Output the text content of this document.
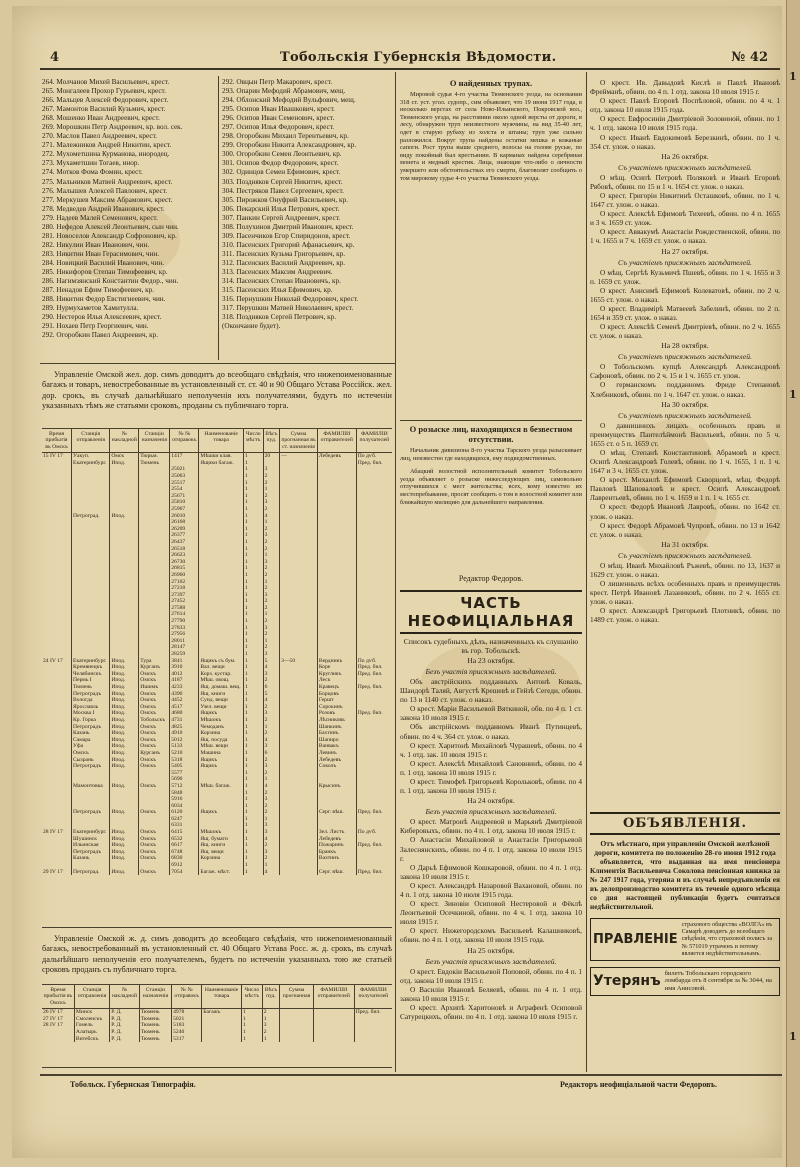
1
1
1
4	Тобольскія Губернскія Вѣдомости.	№ 42
264. Молчанов Михей Васильевич, крест.
265. Монгалеев Прохор Гурьевич, крест.
266. Мальцев Алексей Федорович, крест.
267. Мамонтов Василий Кузьмич, крест.
268. Мошенко Иван Андреевич, крест.
269. Морошкин Петр Андреевич, кр. вол. сек.
270. Маслов Павел Андреевич, крест.
271. Малежников Андрей Никитин, крест.
272. Мухометшина Курманова, инородец.
273. Мухаметшин Тогаев, инор.
274. Мотков Фома Фомин, крест.
275. Мальников Матвей Андреевич, крест.
276. Малышев Алексей Павлович, крест.
277. Меркушев Максим Абрамович, крест.
278. Медведев Андрей Иванович, крест.
279. Надеев Малей Семенович, крест.
280. Нефедов Алексей Леонтьевич, сын чин.
281. Новоселов Александр Софронович, кр.
282. Никулин Иван Иванович, чин.
283. Никитин Иван Герасимович, чин.
284. Новицкий Василий Иванович, чин.
285. Никифоров Степан Тимофеевич, кр.
286. Нагимзянский Константин Федор., чин.
287. Ненадов Ефим Тимофеевич, кр.
288. Никитин Федор Евстигнеевич, чин.
289. Нурмухаметов Хамитулла.
290. Нестеров Илья Алексеевич, крест.
291. Нохаев Петр Георгиевич, чин.
292. Огоробкин Павел Андреевич, кр.
292. Овцын Петр Макарович, крест.
293. Опарин Мефодий Абрамович, мещ.
294. Облонский Мефодий Вульфович, мещ.
295. Осипов Иван Ивашкович, крест.
296. Осипов Иван Семенович, крест.
297. Осипов Илья Федорович, крест.
298. Огоробкин Михаил Терентьевич, кр.
299. Огоробкин Никита Александрович, кр.
300. Огоробкин Семен Леонтьевич, кр.
301. Осипов Федор Федорович, крест.
302. Одинцов Семен Ефимович, крест.
303. Поздняков Сергей Никитич, крест.
304. Пестряков Павел Сергеевич, крест.
305. Пирожков Онуфрий Васильевич, кр.
306. Пекарский Илья Петрович, крест.
307. Панкин Сергей Андреевич, крест.
308. Полухинов Дмитрий Иванович, крест.
309. Пасенчиков Егор Спиридонов, крест.
310. Пасенских Григорий Афанасьевич, кр.
311. Пасенских Кузьма Григорьевич, кр.
312. Пасенских Василий Андреевич, кр.
313. Пасенских Максим Андреевич.
314. Пасенских Степан Ивановичъ, кр.
315. Пасенских Илья Ефимович, кр.
316. Пернушкин Николай Федорович, крест.
317. Перушкин Матвей Николаевич, крест.
318. Поздняков Сергей Петрович, кр.
(Окончание будет).
Управленіе Омской жел. дор. симъ доводитъ до всеобщаго свѣдѣнія, что нижепоименованные багажъ и товаръ, невостребованные въ установленный ст. ст. 40 и 90 Общаго Устава Россійск. жел. дор. срокъ, въ случаѣ дальнѣйшаго неполученія ихъ получателями, будутъ по истеченіи указанныхъ тѣмъ же статьями сроковъ, проданы съ публичнаго торга.
Время прибытія въ Омскъ	Станція отправленія	№ накладной	Станціи назначенія	№ № отправокъ	Наименованіе товара	Число мѣстъ	Вѣсъ пуд.	Сумма прогнанная въ ст. назначенія	ФАМИЛІИ отправителей	ФАМИЛІИ получателей
15 IV 17	Уакуп.	Омск	Тюрьм.	1417	Мѣшки клав.	1	20	—	Лебедевъ	По дѵб.
	Екатеринбург.	Ипод.	Тюмень		Ящики багаж.	1				Пред. бил.
				25021		1	3			
				25063		1	2			
				25517		1	2			
				2554		1	1			
				25671		1	2			
				25810		1	3			
				25967		1	2			
	Петроград.	Ипод.		26010		1	4			
				26168		1	1			
				26209		1	2			
				26377		1	3			
				26437		1	2			
				26518		1	2			
				26623		1	1			
				26730		1	3			
				26815		1	2			
				26960		1	2			
				27102		1	1			
				27218		1	2			
				27397		1	3			
				27452		1	2			
				27588		1	2			
				27614		1	1			
				27790		1	2			
				27833		1	3			
				27956		1	2			
				28011		1	1			
				28147		1	2			
				28259		1	3			
24 IV 17	Екатеринбург.	Ипод.	Тура	3841	Ящикъ съ бум.	1	5	3—50	Вердникъ	По дѵб.
	Кремянецкъ	Ипод.	Курганъ	3910	Вал. вещи	1	4		Коре	Пред. бил.
	Челябинскъ	Ипод.	Омскъ	4012	Корз. кустар.	1	3		Кругликъ	Пред. бил.
	Пермь I	Ипод.	Омскъ	4187	Мѣш. овощ.	1	2		Леск	
	Тюмень	Ипод.	Ишимъ	4233	Ящ. домаш. вещ.	1	6		Кравецъ	Пред. бил.
	Петроградъ	Ипод.	Омскъ	4390	Ящ. книги	1	5		Борцовъ	
	Вологда	Ипод.	Омскъ	4452	Сунд. вещи	1	4		Гершт	
	Ярославль	Ипод.	Омскъ	4517	Узел. вещи	1	2		Сорокинъ	
	Москва I	Ипод.	Омскъ	4680	Ящикъ	1	3		Розовъ	Пред. бил.
	Кр. Горка	Ипод.	Тобольскъ	4731	Мѣшокъ	1	2		Лѣсниковъ	
	Петроградъ	Ипод.	Омскъ	4825	Чемоданъ	1	1		Шанкинъ	
	Казань	Ипод.	Омскъ	4910	Корзина	1	2		Бахтинъ	
	Самара	Ипод.	Омскъ	5012	Ящ. посуда	1	4		Шапиро	
	Уфа	Ипод.	Омскъ	5133	Мѣш. вещи	1	3		Ванвакъ	
	Омскъ	Ипод.	Курганъ	5210	Машина	1	6		Левинъ	
	Сызрань	Ипод.	Омскъ	5318	Ящикъ	1	2		Лебедевъ	
	Петроградъ	Ипод.	Омскъ	5405	Ящикъ	1	3		Соколъ	
				5577		1	2			
				5690		1	1			
	Мамонтовка	Ипод.	Омскъ	5712	Мѣш. багаж.	1	4		Крысинъ	
				5848		1	2			
				5916		1	3			
				6034		1	2			
	Петроградъ	Ипод.	Омскъ	6120	Ящикъ	1	2		Серг. вѣш.	Пред. бил.
				6247		1	1			
				6331		1	3			
28 IV 17	Екатеринбург.	Ипод.	Омскъ	6415	Мѣшокъ	1	3		Зел. Листъ	По дѵб.
	Шушинск	Ипод.	Омскъ	6532	Ящ. бумаги	1	4		Лебедевъ	
	Ильинская	Ипод.	Омскъ	6617	Ящ. книги	1	2		Пожаринъ	Пред. бил.
	Петроградъ	Ипод.	Омскъ	6748	Ящ. вещи	1	3		Бранкъ	
	Казань	Ипод.	Омскъ	6830	Корзина	1	2		Вахтинъ	
				6912		1	1			
29 IV 17	Петроград.	Ипод.	Омскъ	7054	Багаж. мѣст.	1	4		Серг. вѣш.	Пред. бил.
Управленіе Омской ж. д. симъ доводитъ до всеобщаго свѣдѣнія, что нижепоименованный багажъ, невостребованный въ установленный ст. 40 Общаго Устава Росс. ж. д. срокъ, въ случаѣ дальнѣйшаго неполученія его получателемъ, будетъ по истеченіи указанныхъ тою же статьей сроковъ проданъ съ публичнаго торга.
Время прибытія въ Омскъ	Станція отправленія	№ накладной	Станціи назначенія	№ № отправокъ	Наименованіе товара	Число мѣстъ	Вѣсъ пуд.	Сумма прогнанная	ФАМИЛІИ отправителей	ФАМИЛІИ получателей
26 IV 17	Минск	Р. Д.	Тюмень	4978	Багажъ	1	2			Пред. бил.
27 IV 17	Смоленскъ	Р. Д.	Тюмень	5021		1	1			
28 IV 17	Гомель	Р. Д.	Тюмень	5183		1	3			
	Алатырь	Р. Д.	Тюмень	5240		1	2			
	Витебскъ	Р. Д.	Тюмень	5317		1	1			
О найденных трупах.
Мировой судья 4-го участка Тюменского уезда, на основании 318 ст. уст. угол. судопр., сим объявляет, что 19 июня 1917 года, в несколько верстах от села Ново-Ильинского, Покровской вол., Тюменского уезда, на расстоянии около одной версты от дороги, в лесу, обнаружен труп неизвестного мужчины, на вид 35-40 лет, одет в старую рубаху из холста и штаны; труп уже сильно разложился. Вокруг трупа найдены остатки мешка и кожаные сапоги. Рост трупа выше среднего, волосы на голове русые, по виду покойный был крестьянин. В карманах найдена серебряная монета и медный крестик. Лица, знающие что-либо о личности умершего или обстоятельствах его смерти, благоволят сообщить о том мировому судье 4-го участка Тюменского уезда.
О розыске лиц, находящихся в безвестном отсутствии.
Начальник дивизиона 8-го участка Тарского уезда разыскивает лиц, неизвестно где находящихся, ему подведомственных.
Абацкий волостной исполнительный комитет Тобольского уезда объявляет о розыске нижеследующих лиц, самовольно отлучившихся с мест жительства; всех, кому известно их местопребывание, просят сообщить о том в волостной комитет или ближайшую милицию для дальнейшего направления.
Редактор Федоров.
ЧАСТЬ НЕОФИЦІАЛЬНАЯ
Списокъ судебныхъ дѣлъ, назначенныхъ къ слушанію въ гор. Тобольскѣ.
На 23 октября.
Безъ участія присяжныхъ засѣдателей.
Объ австрійскихъ подданныхъ Антонѣ Коваль, Шандорѣ Таляй, Августѣ Крешевѣ и Гейзѣ Сегеди, обвин. по 13 и 1140 ст. улож. о наказ.
О крест. Маріи Васильевой Вяткиной, обв. по 4 п. 1 ст. закона 10 июля 1915 г.
Объ австрійскомъ подданномъ Иванѣ Путинцевѣ, обвин. по 4 ч. 364 ст. улож. о наказ.
О крест. Харитонѣ Михайловѣ Чурашевѣ, обвин. по 4 ч. 1 отд. зак. 10 июля 1915 г.
О крест. Алексѣѣ Михайловѣ Сановнинѣ, обвин. по 4 п. 1 отд. закона 10 июля 1915 г.
О крест. Тимофеѣ Григорьевѣ Корольковѣ, обвин. по 4 п. 1 отд. закона 10 июля 1915 г.
На 24 октября.
Безъ участія присяжныхъ засѣдателей.
О крест. Матронѣ Андреевой и Марьянѣ Дмитріевой Киберовыхъ, обвин. по 4 п. 1 отд. закона 10 июля 1915 г.
О Анастасіи Михайловой и Анастасіи Григорьевой Залеснянскихъ, обвин. по 4 п. 1 отд. закона 10 июля 1915 г.
О Дарьѣ Ефимовой Кошкаровой, обвин. по 4 п. 1 отд. закона 10 июля 1915 г.
О крест. Александрѣ Назаровой Вахановой, обвин. по 4 п. 1 отд. закона 10 июля 1915 года.
О крест. Зиновіи Осиповой Нестеровой и Фёклѣ Леонтьевой Осечкиной, обвин. по 4 ч. 1 отд. закона 10 июля 1915 г.
О крест. Нижегородскомъ Васильевѣ Калашниковѣ, обвин. по 4 п. 1 отд. закона 10 июля 1915 года.
На 25 октября.
Безъ участія присяжныхъ засѣдателей.
О крест. Евдокіи Васильевой Поповой, обвин. по 4 п. 1 отд. закона 10 июля 1915 г.
О Василіи Ивановѣ Беляевѣ, обвин. по 4 п. 1 отд. закона 10 июля 1915 г.
О крест. Архипѣ Харитоновѣ и Аграфенѣ Осиповой Сатурецкихъ, обвин. по 4 п. 1 отд. закона 10 июля 1915 г.
О крест. Ив. Давыдовѣ Кислѣ и Павлѣ Ивановѣ Фрейманѣ, обвин. по 4 п. 1 отд. закона 10 июля 1915 г.
О крест. Павлѣ Егоровѣ Поспѣловой, обвин. по 4 ч. 1 отд. закона 10 июля 1915 года.
О крест. Евфросиніи Дмитріевой Золовиной, обвин. по 1 ч. 1 отд. закона 10 июля 1915 года.
О крест. Иванѣ Евдокимовѣ Березкинѣ, обвин. по 1 ч. 354 ст. улож. о наказ.
На 26 октября.
Съ участіемъ присяжныхъ засѣдателей.
О мѣщ. Осипѣ Петровѣ Поляковѣ и Иванѣ Егоровѣ Рябовѣ, обвин. по 15 и 1 ч. 1654 ст. улож. о наказ.
О крест. Григоріи Никитинѣ Осташковѣ, обвин. по 1 ч. 1647 ст. улож. о наказ.
О крест. Алексѣѣ Ефимовѣ Тихеевѣ, обвин. по 4 п. 1655 и 3 ч. 1659 ст. улож.
О крест. Аввакумѣ Анастасіи Рождественской, обвин. по 1 ч. 1655 и 7 ч. 1659 ст. улож. о наказ.
На 27 октября.
Съ участіемъ присяжныхъ засѣдателей.
О мѣщ. Сергѣѣ Кузьмичѣ Пшевѣ, обвин. по 1 ч. 1655 и 3 п. 1659 ст. улож.
О крест. Анисимѣ Ефимовѣ Колеватовѣ, обвин. по 2 ч. 1655 ст. улож. о наказ.
О крест. Владимірѣ Матвеевѣ Забелинѣ, обвин. по 2 п. 1654 и 359 ст. улож. о наказ.
О крест. Алексѣѣ Семенѣ Дмитріевѣ, обвин. по 2 ч. 1655 ст. улож. о наказ.
На 28 октября.
Съ участіемъ присяжныхъ засѣдателей.
О Тобольскомъ купцѣ Александрѣ Александровѣ Сафоновѣ, обвин. по 2 ч. 15 и 1 ч. 1655 ст. улож.
О германскомъ подданномъ Фриде Степановѣ Хлебниковѣ, обвин. по 1 ч. 1647 ст. улож. о наказ.
На 30 октября.
Съ участіемъ присяжныхъ засѣдателей.
О давнишнихъ лицахъ особенныхъ правъ и преимуществъ Пантелѣймонѣ Васильевѣ, обвин. по 5 ч. 1655 ст. о 5 п. 1659 ст.
О мѣщ. Степанѣ Константиновѣ Абрамовѣ и крест. Осипѣ Александровѣ Голевѣ, обвин. по 1 ч. 1655, 1 п. 1 ч. 1647 и 3 ч. 1655 ст. улож.
О крест. Михаилѣ Ефимовѣ Скворцовѣ, мѣщ. Федорѣ Павловѣ Шаповаловѣ и крест. Осипѣ Александровѣ Лаврентьевѣ, обвин. по 1 ч. 1659 и 1 п. 1 ч. 1655 ст.
О крест. Федорѣ Ивановѣ Лавровѣ, обвин. по 1642 ст. улож. о наказ.
О крест. Федорѣ Абрамовѣ Чупровѣ, обвин. по 13 и 1642 ст. улож. о наказ.
На 31 октября.
Съ участіемъ присяжныхъ засѣдателей.
О мѣщ. Иванѣ Михайловѣ Ръжевѣ, обвин. по 13, 1637 и 1629 ст. улож. о наказ.
О лишенныхъ всѣхъ особенныхъ правъ и преимуществъ крест. Петрѣ Ивановѣ Лазаниковѣ, обвин. по 2 ч. 1655 ст. улож. о наказ.
О крест. Александрѣ Григорьевѣ Плотникѣ, обвин. по 1489 ст. улож. о наказ.
ОБЪЯВЛЕНІЯ.
Отъ мѣстнаго, при управленіи Омской желѣзной дороги, комитета по положенію 28-го июня 1912 года
объявляется, что выданная на имя пенсіонера Климентія Васильевича Соколова пенсіонная книжка за № 247 1917 года, утеряна и въ случаѣ непредъявленія ея въ делопроизводство комитета въ теченіе одного мѣсяца со дня настоящей публикаціи будетъ считаться недѣйствительной.
ПРАВЛЕНІЕ
страхового общества «ВОЛГА» въ Самарѣ доводитъ до всеобщаго свѣдѣнія, что страховой полисъ за № 571019 утраченъ и потому является недѣйствительнымъ.
Утерянъ
билетъ Тобольскаго городского ломбарда отъ 8 сентября за № 3044, на имя Анисовой.
Тобольск. Губернская Типографія.	Редакторъ неофиціальной части Федоровъ.
